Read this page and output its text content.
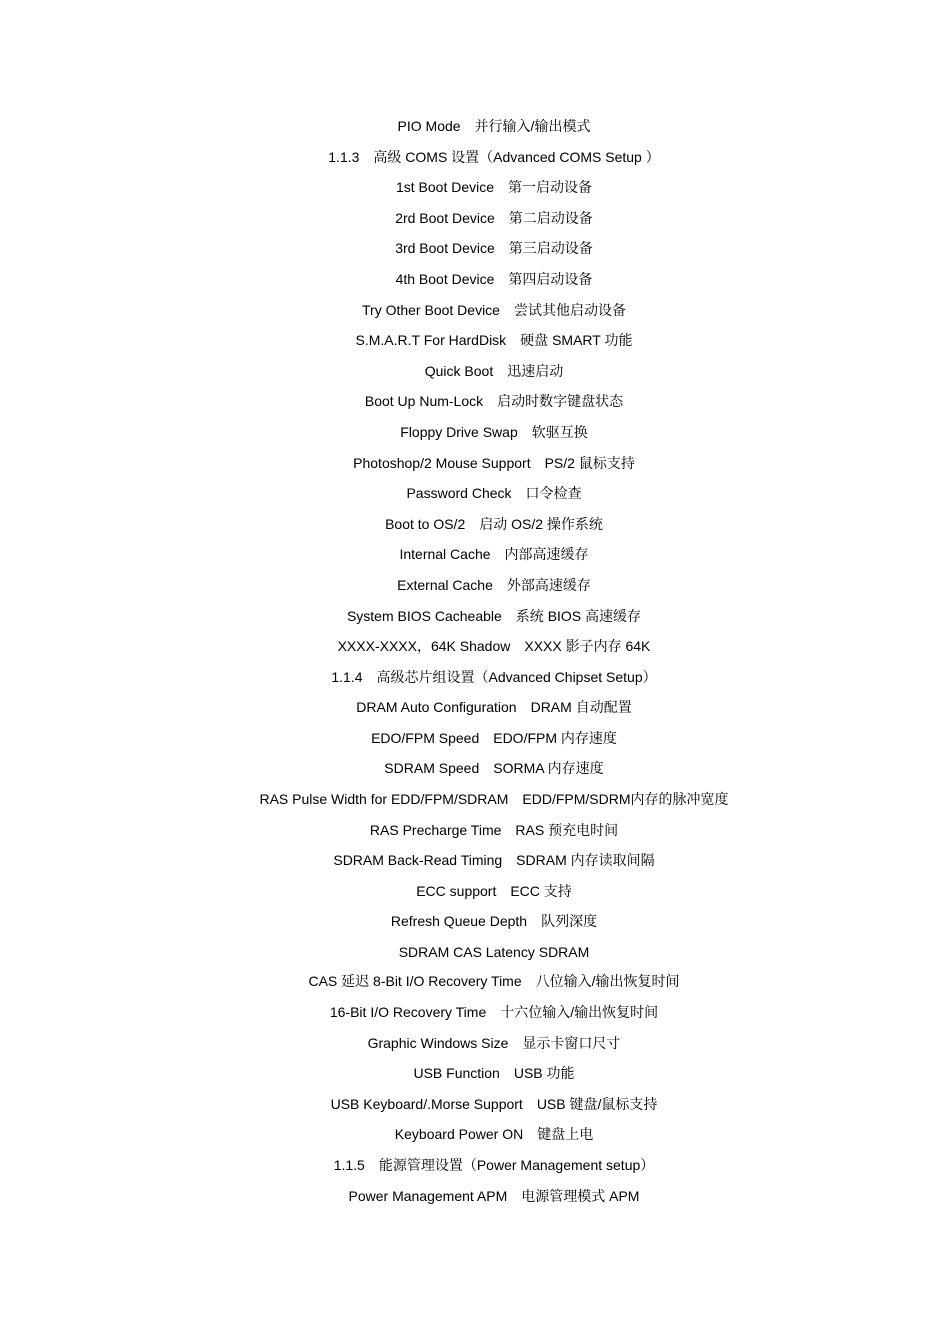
PIO Mode　并行输入/输出模式
1.1.3　高级 COMS 设置（Advanced COMS Setup ）
1st Boot Device　第一启动设备
2rd Boot Device　第二启动设备
3rd Boot Device　第三启动设备
4th Boot Device　第四启动设备
Try Other Boot Device　尝试其他启动设备
S.M.A.R.T For HardDisk　硬盘 SMART 功能
Quick Boot　迅速启动
Boot Up Num-Lock　启动时数字键盘状态
Floppy Drive Swap　软驱互换
Photoshop/2 Mouse Support　PS/2 鼠标支持
Password Check　口令检查
Boot to OS/2　启动 OS/2 操作系统
Internal Cache　内部高速缓存
External Cache　外部高速缓存
System BIOS Cacheable　系统 BIOS 高速缓存
XXXX-XXXX，64K Shadow　XXXX 影子内存 64K
1.1.4　高级芯片组设置（Advanced Chipset Setup）
DRAM Auto Configuration　DRAM 自动配置
EDO/FPM Speed　EDO/FPM 内存速度
SDRAM Speed　SORMA 内存速度
RAS Pulse Width for EDD/FPM/SDRAM　EDD/FPM/SDRM内存的脉冲宽度
RAS Precharge Time　RAS 预充电时间
SDRAM Back-Read Timing　SDRAM 内存读取间隔
ECC support　ECC 支持
Refresh Queue Depth　队列深度
SDRAM CAS Latency SDRAM
CAS 延迟 8-Bit I/O Recovery Time　八位输入/输出恢复时间
16-Bit I/O Recovery Time　十六位输入/输出恢复时间
Graphic Windows Size　显示卡窗口尺寸
USB Function　USB 功能
USB Keyboard/.Morse Support　USB 键盘/鼠标支持
Keyboard Power ON　键盘上电
1.1.5　能源管理设置（Power Management setup）
Power Management APM　电源管理模式 APM
